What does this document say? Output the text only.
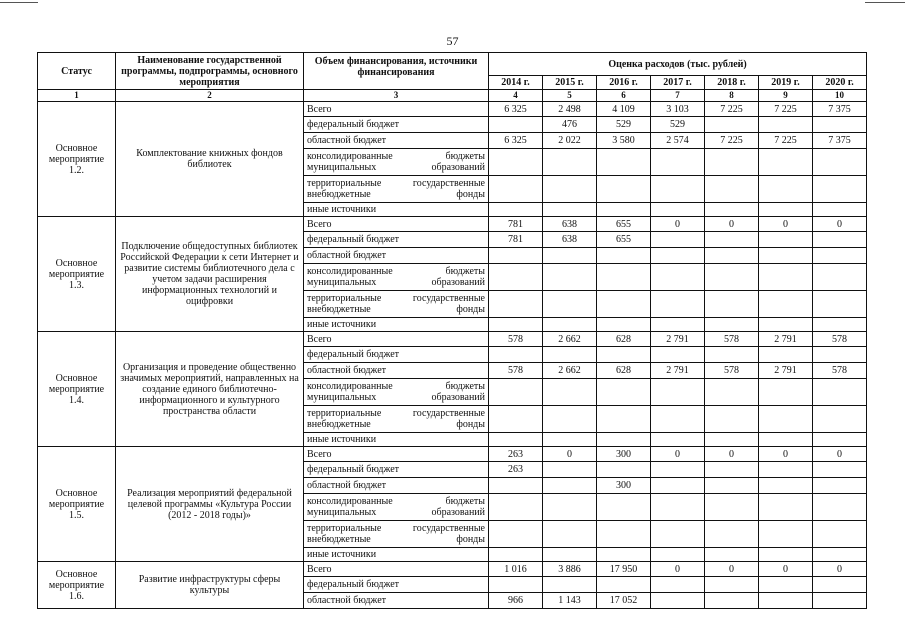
57
Статус	Наименование государственной программы, подпрограммы, основного мероприятия	Объем финансирования, источники финансирования	Оценка расходов (тыс. рублей)						
			2014 г.	2015 г.	2016 г.	2017 г.	2018 г.	2019 г.	2020 г.
1	2	3	4	5	6	7	8	9	10
Основное мероприятие 1.2.	Комплектование книжных фондов библиотек	Всего	6 325	2 498	4 109	3 103	7 225	7 225	7 375
		федеральный бюджет		476	529	529			
		областной бюджет	6 325	2 022	3 580	2 574	7 225	7 225	7 375
		консолидированные бюджеты муниципальных образований							
		территориальные государственные внебюджетные фонды							
		иные источники							
Основное мероприятие 1.3.	Подключение общедоступных библиотек Российской Федерации к сети Интернет и развитие системы библиотечного дела с учетом задачи расширения информационных технологий и оцифровки	Всего	781	638	655	0	0	0	0
		федеральный бюджет	781	638	655				
		областной бюджет							
		консолидированные бюджеты муниципальных образований							
		территориальные государственные внебюджетные фонды							
		иные источники							
Основное мероприятие 1.4.	Организация и проведение общественно значимых мероприятий, направленных на создание единого библиотечно-информационного и культурного пространства области	Всего	578	2 662	628	2 791	578	2 791	578
		федеральный бюджет							
		областной бюджет	578	2 662	628	2 791	578	2 791	578
		консолидированные бюджеты муниципальных образований							
		территориальные государственные внебюджетные фонды							
		иные источники							
Основное мероприятие 1.5.	Реализация мероприятий федеральной целевой программы «Культура России (2012 - 2018 годы)»	Всего	263	0	300	0	0	0	0
		федеральный бюджет	263						
		областной бюджет			300				
		консолидированные бюджеты муниципальных образований							
		территориальные государственные внебюджетные фонды							
		иные источники							
Основное мероприятие 1.6.	Развитие инфраструктуры сферы культуры	Всего	1 016	3 886	17 950	0	0	0	0
		федеральный бюджет							
		областной бюджет	966	1 143	17 052				
